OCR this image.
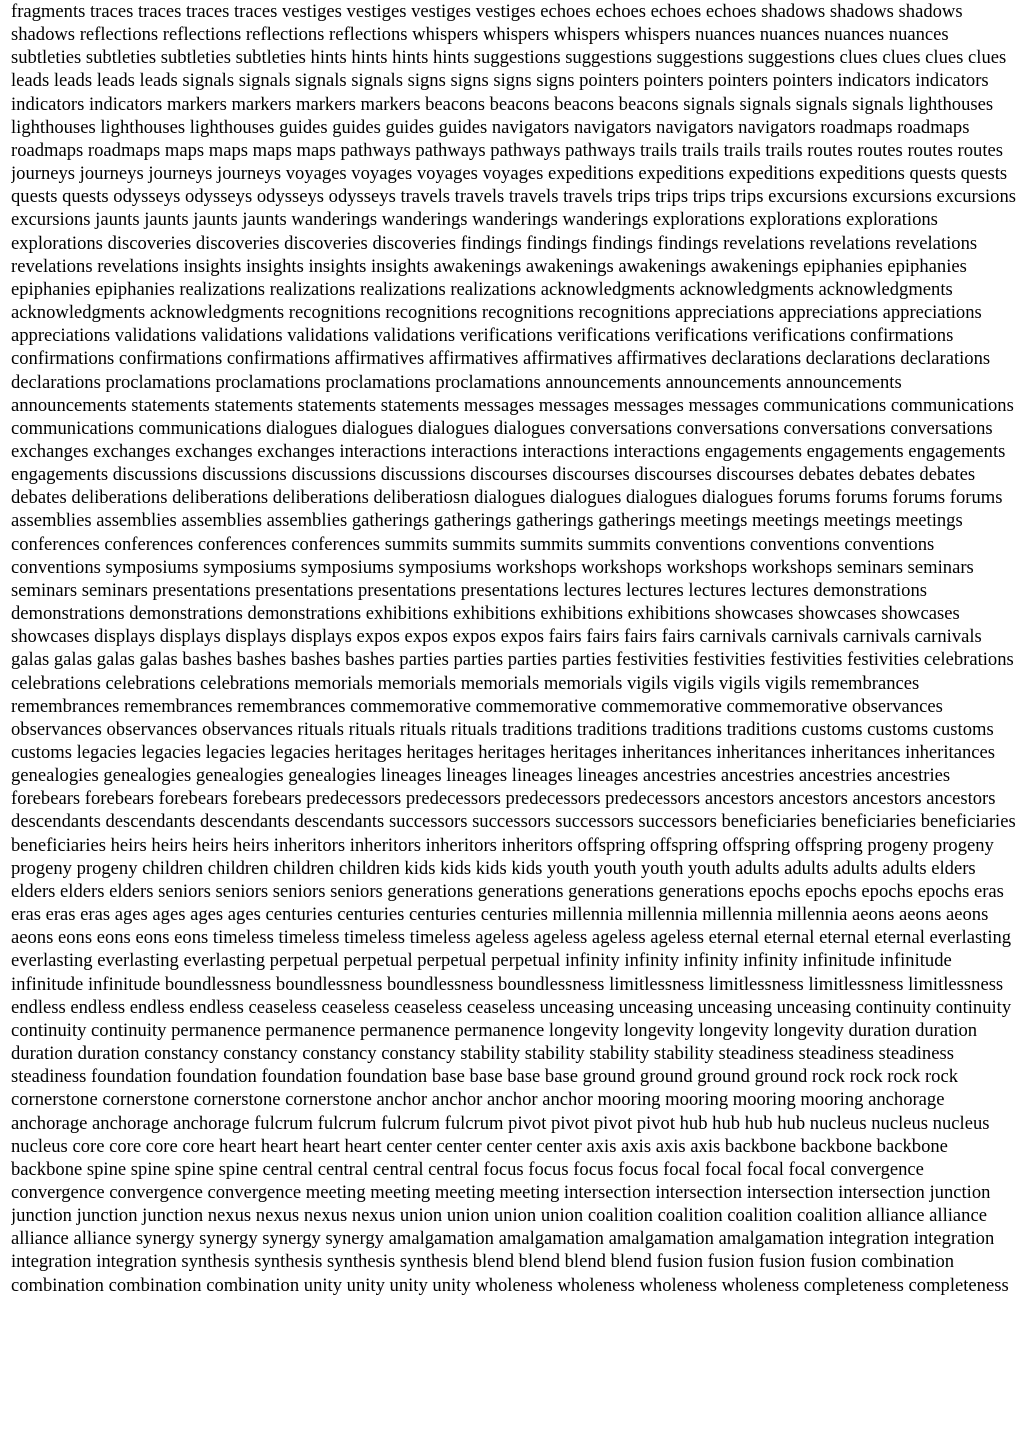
fragments traces traces traces traces vestiges vestiges vestiges vestiges echoes echoes echoes echoes shadows shadows shadows shadows reflections reflections reflections reflections whispers whispers whispers whispers nuances nuances nuances nuances subtleties subtleties subtleties subtleties hints hints hints hints suggestions suggestions suggestions suggestions clues clues clues clues leads leads leads leads signals signals signals signals signs signs signs signs pointers pointers pointers pointers indicators indicators indicators indicators markers markers markers markers beacons beacons beacons beacons signals signals signals signals lighthouses lighthouses lighthouses lighthouses guides guides guides guides navigators navigators navigators navigators roadmaps roadmaps roadmaps roadmaps maps maps maps maps pathways pathways pathways pathways trails trails trails trails routes routes routes routes journeys journeys journeys journeys voyages voyages voyages voyages expeditions expeditions expeditions expeditions quests quests quests quests odysseys odysseys odysseys odysseys travels travels travels travels trips trips trips trips excursions excursions excursions excursions jaunts jaunts jaunts jaunts wanderings wanderings wanderings wanderings explorations explorations explorations explorations discoveries discoveries discoveries discoveries findings findings findings findings revelations revelations revelations revelations revelations insights insights insights insights awakenings awakenings awakenings awakenings epiphanies epiphanies epiphanies epiphanies realizations realizations realizations realizations acknowledgments acknowledgments acknowledgments acknowledgments acknowledgments recognitions recognitions recognitions recognitions appreciations appreciations appreciations appreciations validations validations validations validations verifications verifications verifications verifications confirmations confirmations confirmations confirmations affirmatives affirmatives affirmatives affirmatives declarations declarations declarations declarations proclamations proclamations proclamations proclamations announcements announcements announcements announcements statements statements statements statements messages messages messages messages communications communications communications communications dialogues dialogues dialogues dialogues conversations conversations conversations conversations exchanges exchanges exchanges exchanges interactions interactions interactions interactions engagements engagements engagements engagements discussions discussions discussions discussions discourses discourses discourses discourses debates debates debates debates deliberations deliberations deliberations deliberatiosn dialogues dialogues dialogues dialogues forums forums forums forums assemblies assemblies assemblies assemblies gatherings gatherings gatherings gatherings meetings meetings meetings meetings conferences conferences conferences conferences summits summits summits summits conventions conventions conventions conventions symposiums symposiums symposiums symposiums workshops workshops workshops workshops seminars seminars seminars seminars presentations presentations presentations presentations lectures lectures lectures lectures demonstrations demonstrations demonstrations demonstrations exhibitions exhibitions exhibitions exhibitions showcases showcases showcases showcases displays displays displays displays expos expos expos expos fairs fairs fairs fairs carnivals carnivals carnivals carnivals galas galas galas galas bashes bashes bashes bashes parties parties parties parties festivities festivities festivities festivities celebrations celebrations celebrations celebrations memorials memorials memorials memorials vigils vigils vigils vigils remembrances remembrances remembrances remembrances commemorative commemorative commemorative commemorative observances observances observances observances rituals rituals rituals rituals traditions traditions traditions traditions customs customs customs customs legacies legacies legacies legacies heritages heritages heritages heritages inheritances inheritances inheritances inheritances genealogies genealogies genealogies genealogies lineages lineages lineages lineages ancestries ancestries ancestries ancestries forebears forebears forebears forebears predecessors predecessors predecessors predecessors ancestors ancestors ancestors ancestors descendants descendants descendants descendants successors successors successors successors beneficiaries beneficiaries beneficiaries beneficiaries heirs heirs heirs heirs inheritors inheritors inheritors inheritors offspring offspring offspring offspring progeny progeny progeny progeny children children children children kids kids kids kids youth youth youth youth adults adults adults adults elders elders elders elders seniors seniors seniors seniors generations generations generations generations epochs epochs epochs epochs eras eras eras eras ages ages ages ages centuries centuries centuries centuries millennia millennia millennia millennia aeons aeons aeons aeons eons eons eons eons timeless timeless timeless timeless ageless ageless ageless ageless eternal eternal eternal eternal everlasting everlasting everlasting everlasting perpetual perpetual perpetual perpetual infinity infinity infinity infinity infinitude infinitude infinitude infinitude boundlessness boundlessness boundlessness boundlessness limitlessness limitlessness limitlessness limitlessness endless endless endless endless ceaseless ceaseless ceaseless ceaseless unceasing unceasing unceasing unceasing continuity continuity continuity continuity permanence permanence permanence permanence longevity longevity longevity longevity duration duration duration duration constancy constancy constancy constancy stability stability stability stability steadiness steadiness steadiness steadiness foundation foundation foundation foundation base base base base ground ground ground ground rock rock rock rock cornerstone cornerstone cornerstone cornerstone anchor anchor anchor anchor mooring mooring mooring mooring anchorage anchorage anchorage anchorage fulcrum fulcrum fulcrum fulcrum pivot pivot pivot pivot hub hub hub hub nucleus nucleus nucleus nucleus core core core core heart heart heart heart center center center center axis axis axis axis backbone backbone backbone backbone spine spine spine spine central central central central focus focus focus focus focal focal focal focal convergence convergence convergence convergence meeting meeting meeting meeting intersection intersection intersection intersection junction junction junction junction nexus nexus nexus nexus union union union union coalition coalition coalition coalition alliance alliance alliance alliance synergy synergy synergy synergy amalgamation amalgamation amalgamation amalgamation integration integration integration integration synthesis synthesis synthesis synthesis blend blend blend blend fusion fusion fusion fusion combination combination combination combination unity unity unity unity wholeness wholeness wholeness wholeness completeness completeness
